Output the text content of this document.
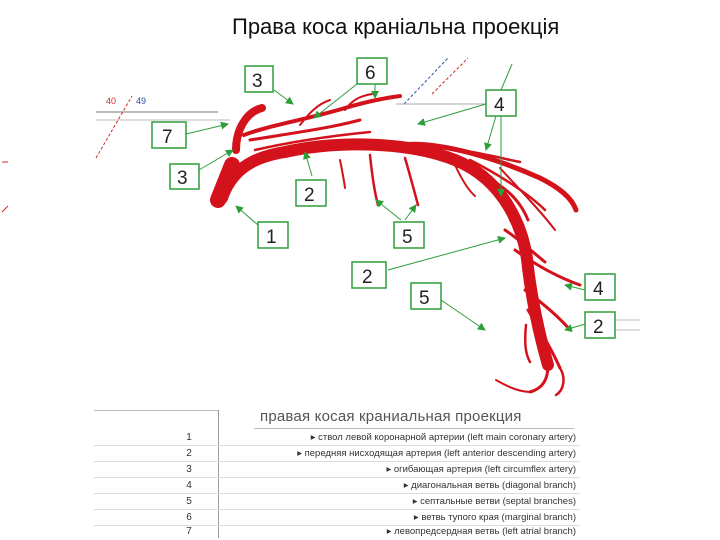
Права коса краніальна проекція
40 49
3	6
4
7
3
2
1	5
2
5	4
2
правая косая краниальная проекция
1	▸ ствол левой коронарной артерии (left main coronary artery)
2	▸ передняя нисходящая артерия (left anterior descending artery)
3	▸ огибающая артерия (left circumflex artery)
4	▸ диагональная ветвь (diagonal branch)
5	▸ септальные ветви (septal branches)
6	▸ ветвь тупого края (marginal branch)
7	▸ левопредсердная ветвь (left atrial branch)
